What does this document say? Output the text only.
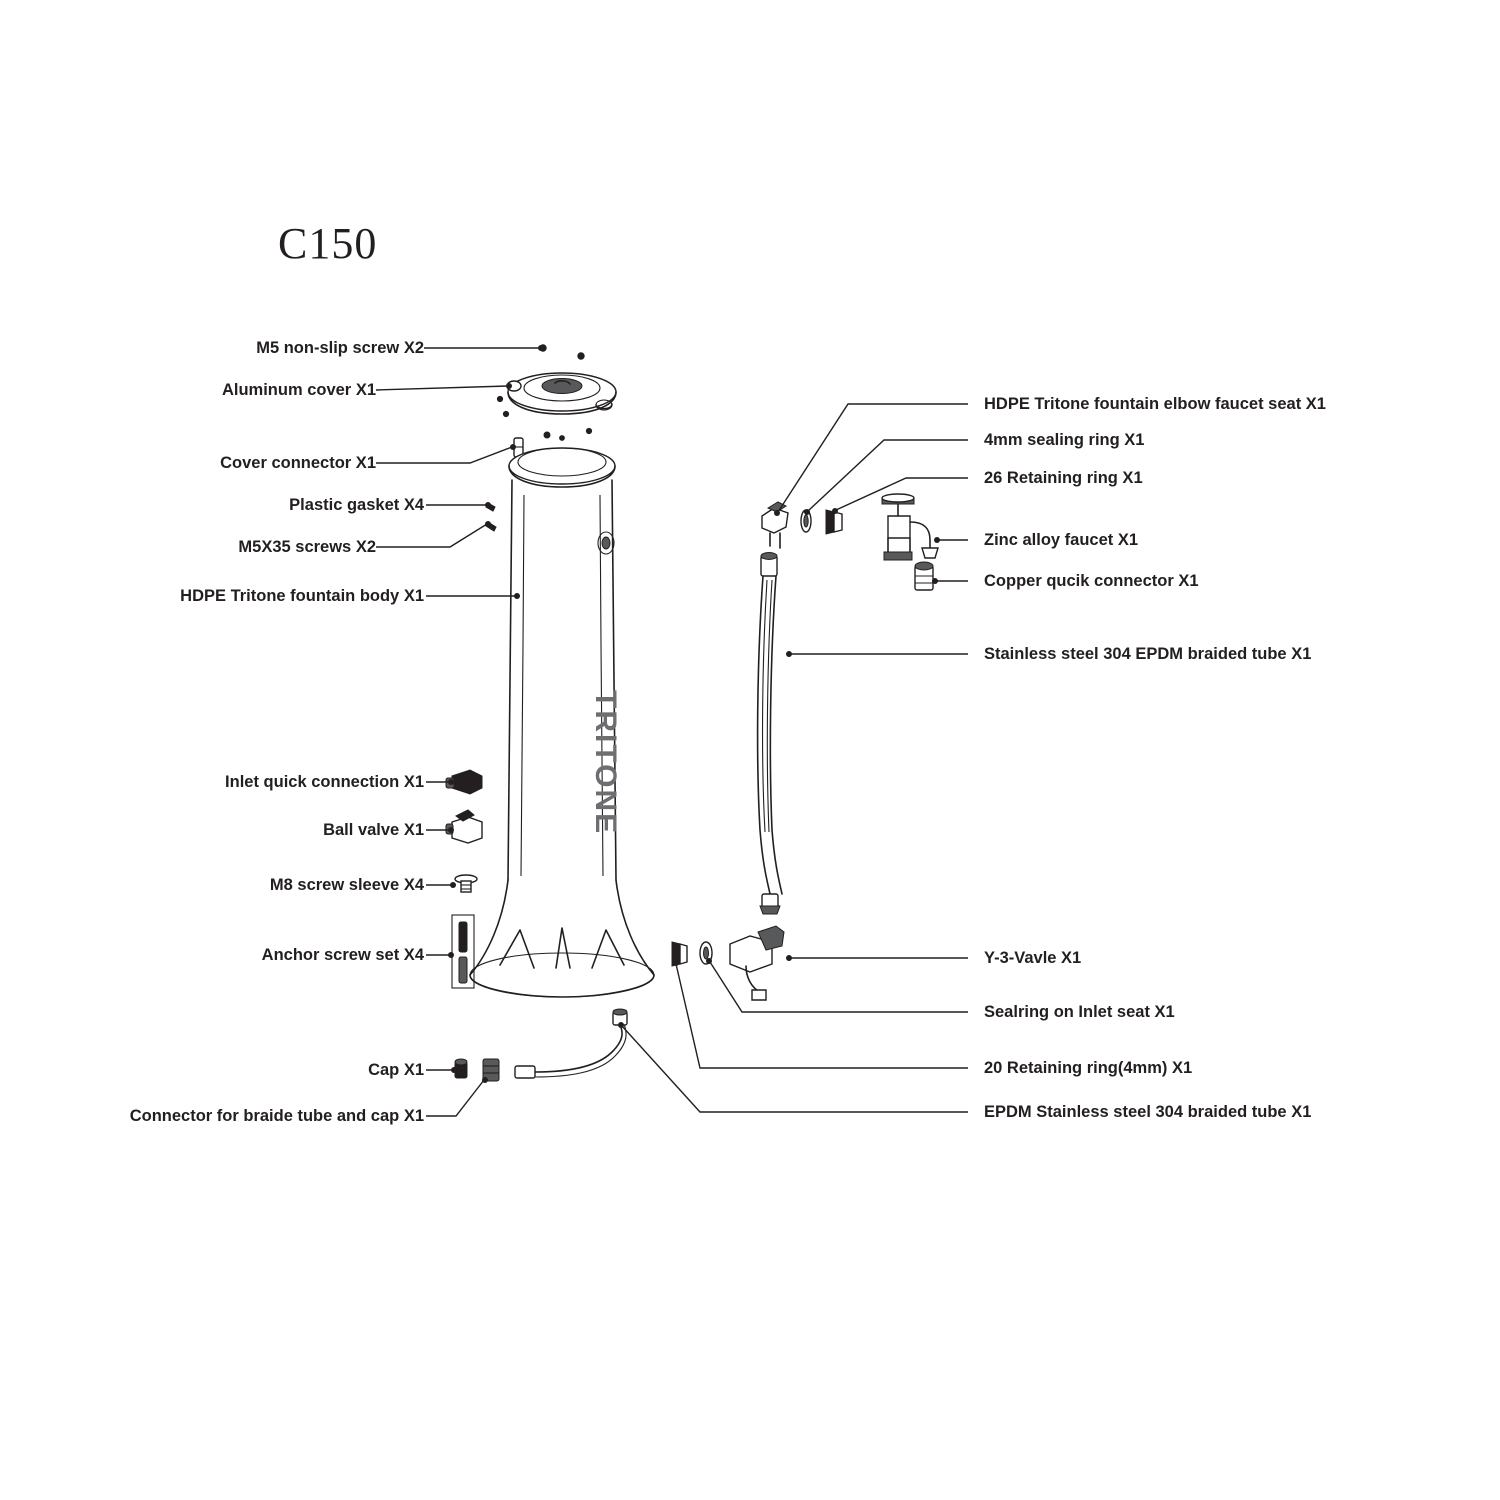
C150
TRITONE
M5 non-slip screw X2
Aluminum cover X1
Cover connector X1
Plastic gasket X4
M5X35 screws X2
HDPE Tritone fountain body X1
Inlet quick connection X1
Ball valve X1
M8 screw sleeve X4
Anchor screw set X4
Cap X1
Connector for braide tube and cap X1
HDPE Tritone fountain elbow faucet seat X1
4mm sealing ring X1
26 Retaining ring X1
Zinc alloy faucet X1
Copper qucik connector X1
Stainless steel 304 EPDM braided tube X1
Y-3-Vavle X1
Sealring on Inlet seat X1
20 Retaining ring(4mm) X1
EPDM Stainless steel 304 braided tube X1
